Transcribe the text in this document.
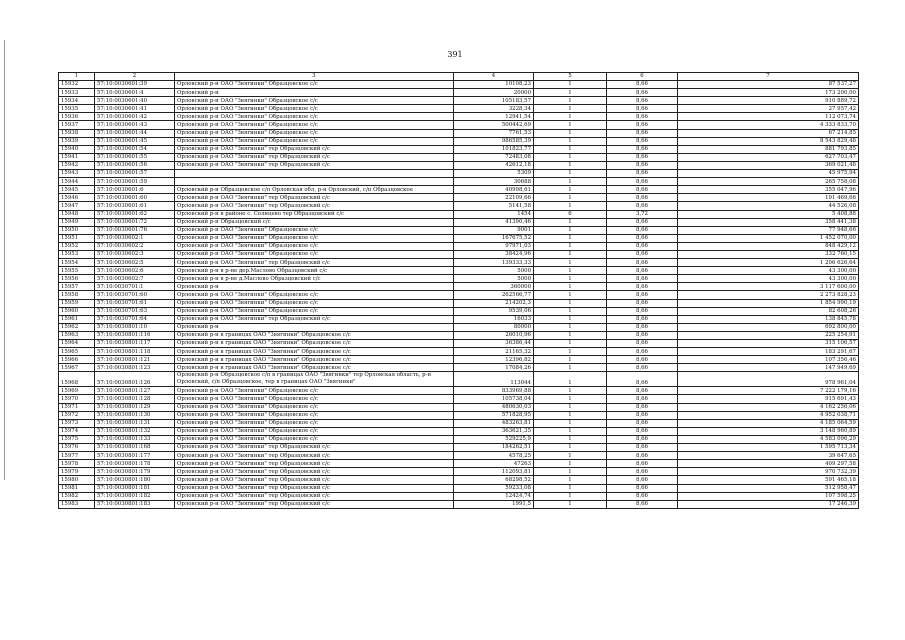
391
1	2	3	4	5	6	7
15932	57:10:0030601:39	Орловский р-н ОАО "Звягинки" Образцовское с/с	10108,23	1	8,66	87 537,27
15933	57:10:0030601:4	Орловский р-н	20000	1	8,66	173 200,00
15934	57:10:0030601:40	Орловский р-н ОАО "Звягинки" Образцовское с/с	105183,57	1	8,66	910 889,72
15935	57:10:0030601:41	Орловский р-н ОАО "Звягинки" Образцовское с/с	3228,34	1	8,66	27 957,42
15936	57:10:0030601:42	Орловский р-н ОАО "Звягинки" Образцовское с/с	12941,54	1	8,66	112 073,74
15937	57:10:0030601:43	Орловский р-н ОАО "Звягинки" Образцовское с/с	500442,69	1	8,66	4 333 833,70
15938	57:10:0030601:44	Орловский р-н ОАО "Звягинки" Образцовское с/с	7761,53	1	8,66	67 214,85
15939	57:10:0030601:45	Орловский р-н ОАО "Звягинки" Образцовское с/с	986585,39	1	8,66	8 543 829,48
15940	57:10:0030601:54	Орловский р-н ОАО "Звягинки" тер Образцовский с/с	101823,77	1	8,66	881 793,85
15941	57:10:0030601:55	Орловский р-н ОАО "Звягинки" тер Образцовский с/с	72483,08	1	8,66	627 703,47
15942	57:10:0030601:56	Орловский р-н ОАО "Звягинки" тер Образцовский с/с	42612,18	1	8,66	369 021,48
15943	57:10:0030601:57		5309	1	8,66	45 975,94
15944	57:10:0030601:59		30688	1	8,66	265 758,08
15945	57:10:0030601:6	Орловский р-н Образцовское с/п Орловская обл, р-н Орловский, с/п Образцовское	40998,61	1	8,66	355 047,96
15946	57:10:0030601:60	Орловский р-н ОАО "Звягинки" тер Образцовский с/с	22109,66	1	8,66	191 469,66
15947	57:10:0030601:61	Орловский р-н ОАО "Звягинки" тер Образцовский с/с	5141,58	1	8,66	44 526,08
15948	57:10:0030601:62	Орловский р-н в районе с. Солнцево тер Образцовский с/с	1454	6	3,72	5 408,88
15949	57:10:0030601:72	Орловский р-н Образцовский с/с	41390,46	1	8,66	358 441,38
15950	57:10:0030601:76	Орловский р-н ОАО "Звягинки" Образцовское с/с	9001	1	8,66	77 948,66
15951	57:10:0030602:1	Орловский р-н ОАО "Звягинки" Образцовское с/с	167675,52	1	8,66	1 452 070,00
15952	57:10:0030602:2	Орловский р-н ОАО "Звягинки" Образцовское с/с	97971,03	1	8,66	848 429,12
15953	57:10:0030602:3	Орловский р-н ОАО "Звягинки" Образцовское с/с	38424,96	1	8,66	332 760,15
15954	57:10:0030602:5	Орловский р-н ОАО "Звягинки" тер Образцовский с/с	139333,33	1	8,66	1 206 626,64
15955	57:10:0030602:6	Орловский р-н в р-не дер.Маслово Образцовский с/с	5000	1	8,66	43 300,00
15956	57:10:0030602:7	Орловский р-н в р-не д.Маслово Образцовский с/с	5000	1	8,66	43 300,00
15957	57:10:0030701:1	Орловский р-н	360000	1	8,66	3 117 600,00
15958	57:10:0030701:60	Орловский р-н ОАО "Звягинки" Образцовское с/с	262566,77	1	8,66	2 273 828,23
15959	57:10:0030701:61	Орловский р-н ОАО "Звягинки" Образцовское с/с	214202,3	1	8,66	1 854 990,19
15960	57:10:0030701:63	Орловский р-н ОАО "Звягинки" Образцовское с/с	9539,06	1	8,66	82 608,26
15961	57:10:0030701:64	Орловский р-н ОАО "Звягинки" тер Образцовский с/с	16033	1	8,66	138 845,78
15962	57:10:0030801:10	Орловский р-н	80000	1	8,66	692 800,00
15963	57:10:0030801:116	Орловский р-н в границах ОАО "Звягинки" Образцовское с/с	26010,96	1	8,66	225 254,91
15964	57:10:0030801:117	Орловский р-н в границах ОАО "Звягинки" Образцовское с/с	36386,44	1	8,66	315 106,57
15965	57:10:0030801:118	Орловский р-н в границах ОАО "Звягинки" Образцовское с/с	21165,32	1	8,66	183 291,67
15966	57:10:0030801:121	Орловский р-н в границах ОАО "Звягинки" Образцовское с/с	12396,82	1	8,66	107 356,46
15967	57:10:0030801:123	Орловский р-н в границах ОАО "Звягинки" Образцовское с/с	17084,26	1	8,66	147 949,69
15968	57:10:0030801:126	Орловский р-н Образцовское с/п в границах ОАО "Звягинки" тер Орловская область, р-н Орловский, с/п Образцовское, тер в границах ОАО "Звягинки"	113044	1	8,66	978 961,04
15969	57:10:0030801:127	Орловский р-н ОАО "Звягинки" Образцовское с/с	833969,88	1	8,66	7 222 179,16
15970	57:10:0030801:128	Орловский р-н ОАО "Звягинки" Образцовское с/с	105738,04	1	8,66	915 691,43
15971	57:10:0030801:129	Орловский р-н ОАО "Звягинки" Образцовское с/с	480630,03	1	8,66	4 162 256,06
15972	57:10:0030801:130	Орловский р-н ОАО "Звягинки" Образцовское с/с	571828,95	1	8,66	4 952 038,71
15973	57:10:0030801:131	Орловский р-н ОАО "Звягинки" Образцовское с/с	483263,81	1	8,66	4 185 064,59
15974	57:10:0030801:132	Орловский р-н ОАО "Звягинки" Образцовское с/с	363621,35	1	8,66	3 148 960,89
15975	57:10:0030801:133	Орловский р-н ОАО "Звягинки" Образцовское с/с	529225,9	1	8,66	4 583 096,29
15976	57:10:0030801:168	Орловский р-н ОАО "Звягинки" тер Образцовский с/с	184262,51	1	8,66	1 595 713,34
15977	57:10:0030801:177	Орловский р-н ОАО "Звягинки" тер Образцовский с/с	4578,25	1	8,66	39 647,65
15978	57:10:0030801:178	Орловский р-н ОАО "Звягинки" тер Образцовский с/с	47263	1	8,66	409 297,58
15979	57:10:0030801:179	Орловский р-н ОАО "Звягинки" тер Образцовский с/с	112093,81	1	8,66	970 732,39
15980	57:10:0030801:180	Орловский р-н ОАО "Звягинки" тер Образцовский с/с	68298,52	1	8,66	591 465,18
15981	57:10:0030801:181	Орловский р-н ОАО "Звягинки" тер Образцовский с/с	59233,08	1	8,66	512 958,47
15982	57:10:0030801:182	Орловский р-н ОАО "Звягинки" тер Образцовский с/с	12424,74	1	8,66	107 598,25
15983	57:10:0030801:183	Орловский р-н ОАО "Звягинки" тер Образцовский с/с	1991,5	1	8,66	17 246,39
